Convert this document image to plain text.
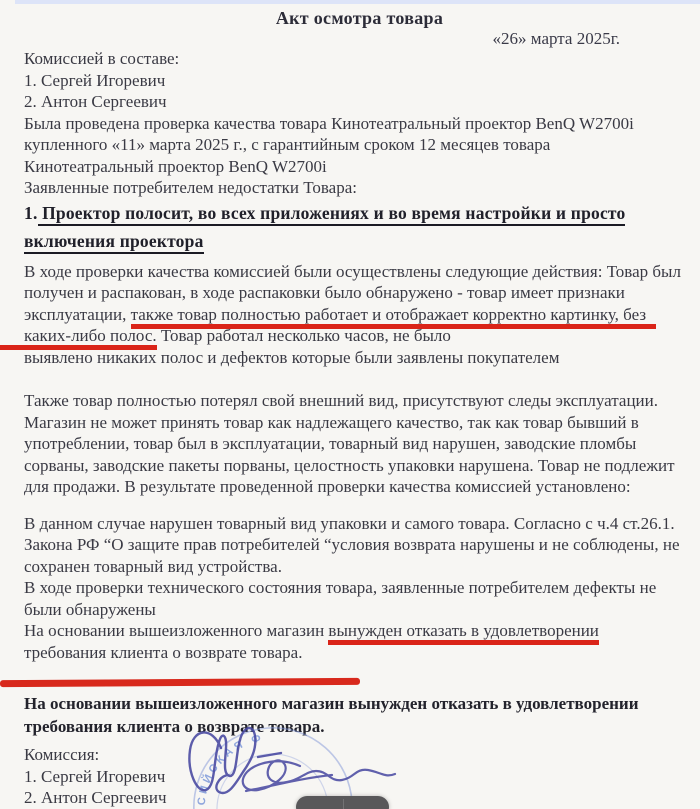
Акт осмотра товара
«26» марта 2025г.
Комиссией в составе:
1. Сергей Игоревич
2. Антон Сергеевич
Была проведена проверка качества товара Кинотеатральный проектор BenQ W2700i
купленного «11» марта 2025 г., с гарантийным сроком 12 месяцев товара
Кинотеатральный проектор BenQ W2700i
Заявленные потребителем недостатки Товара:
1. Проектор полосит, во всех приложениях и во время настройки и просто
включения проектора
В ходе проверки качества комиссией были осуществлены следующие действия: Товар был
получен и распакован, в ходе распаковки было обнаружено - товар имеет признаки
эксплуатации, также товар полностью работает и отображает корректно картинку, без
каких-либо полос. Товар работал несколько часов, не было
выявлено никаких полос и дефектов которые были заявлены покупателем
Также товар полностью потерял свой внешний вид, присутствуют следы эксплуатации.
Магазин не может принять товар как надлежащего качество, так как товар бывший в
употреблении, товар был в эксплуатации, товарный вид нарушен, заводские пломбы
сорваны, заводские пакеты порваны, целостность упаковки нарушена. Товар не подлежит
для продажи. В результате проведенной проверки качества комиссией установлено:
В данном случае нарушен товарный вид упаковки и самого товара. Согласно с ч.4 ст.26.1.
Закона РФ “О защите прав потребителей “условия возврата нарушены и не соблюдены, не
сохранен товарный вид устройства.
В ходе проверки технического состояния товара, заявленные потребителем дефекты не
были обнаружены
На основании вышеизложенного магазин вынужден отказать в удовлетворении
требования клиента о возврате товара.
На основании вышеизложенного магазин вынужден отказать в удовлетворении
требования клиента о возврате товара.
Комиссия:
1. Сергей Игоревич
2. Антон Сергеевич	СИЙСКАЯ Ф
